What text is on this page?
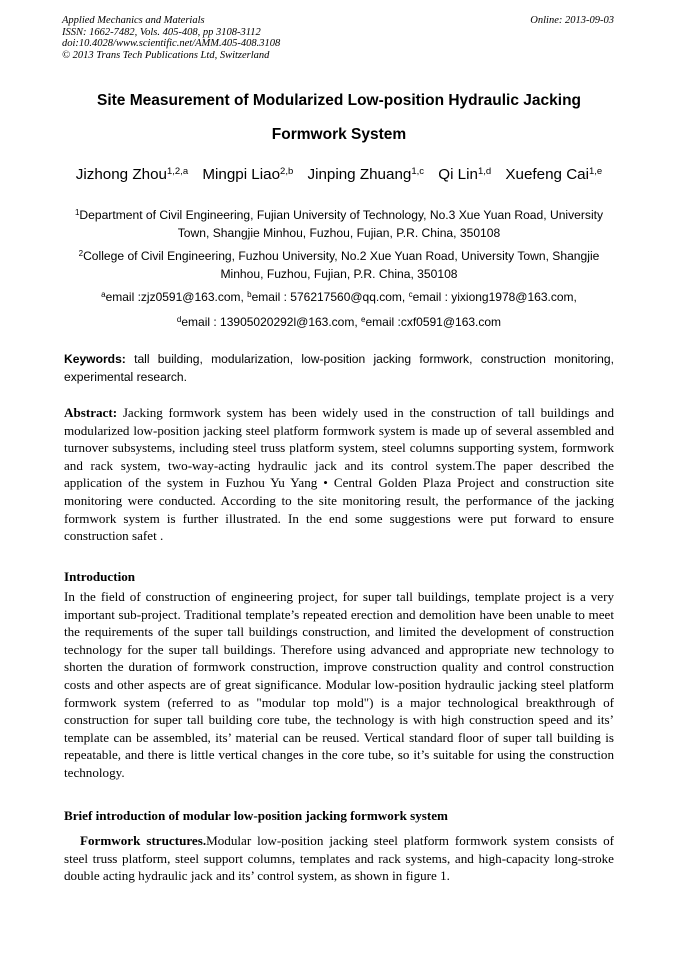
Applied Mechanics and Materials
ISSN: 1662-7482, Vols. 405-408, pp 3108-3112
doi:10.4028/www.scientific.net/AMM.405-408.3108
© 2013 Trans Tech Publications Ltd, Switzerland
Online: 2013-09-03
Site Measurement of Modularized Low-position Hydraulic Jacking
Formwork System
Jizhong Zhou$^{1,2,a}$ Mingpi Liao$^{2,b}$ Jinping Zhuang$^{1,c}$ Qi Lin$^{1,d}$ Xuefeng Cai$^{1,e}$
$^1$Department of Civil Engineering, Fujian University of Technology, No.3 Xue Yuan Road, University Town, Shangjie Minhou, Fuzhou, Fujian, P.R. China, 350108
$^2$College of Civil Engineering, Fuzhou University, No.2 Xue Yuan Road, University Town, Shangjie Minhou, Fuzhou, Fujian, P.R. China, 350108
$^a$email :zjz0591@163.com, $^b$email : 576217560@qq.com, $^c$email : yixiong1978@163.com,
$^d$email : 13905020292l@163.com, $^e$email :cxf0591@163.com
Keywords: tall building, modularization, low-position jacking formwork, construction monitoring, experimental research.
Abstract: Jacking formwork system has been widely used in the construction of tall buildings and modularized low-position jacking steel platform formwork system is made up of several assembled and turnover subsystems, including steel truss platform system, steel columns supporting system, formwork and rack system, two-way-acting hydraulic jack and its control system.The paper described the application of the system in Fuzhou Yu Yang • Central Golden Plaza Project and construction site monitoring were conducted. According to the site monitoring result, the performance of the jacking formwork system is further illustrated. In the end some suggestions were put forward to ensure construction safet .
Introduction
In the field of construction of engineering project, for super tall buildings, template project is a very important sub-project. Traditional template’s repeated erection and demolition have been unable to meet the requirements of the super tall buildings construction, and limited the development of construction technology for the super tall buildings. Therefore using advanced and appropriate new technology to shorten the duration of formwork construction, improve construction quality and control construction costs and other aspects are of great significance. Modular low-position hydraulic jacking steel platform formwork system (referred to as "modular top mold") is a major technological breakthrough of construction for super tall building core tube, the technology is with high construction speed and its’ template can be assembled, its’ material can be reused. Vertical standard floor of super tall building is repeatable, and there is little vertical changes in the core tube, so it’s suitable for using the construction technology.
Brief introduction of modular low-position jacking formwork system
Formwork structures.Modular low-position jacking steel platform formwork system consists of steel truss platform, steel support columns, templates and rack systems, and high-capacity long-stroke double acting hydraulic jack and its’ control system, as shown in figure 1.
